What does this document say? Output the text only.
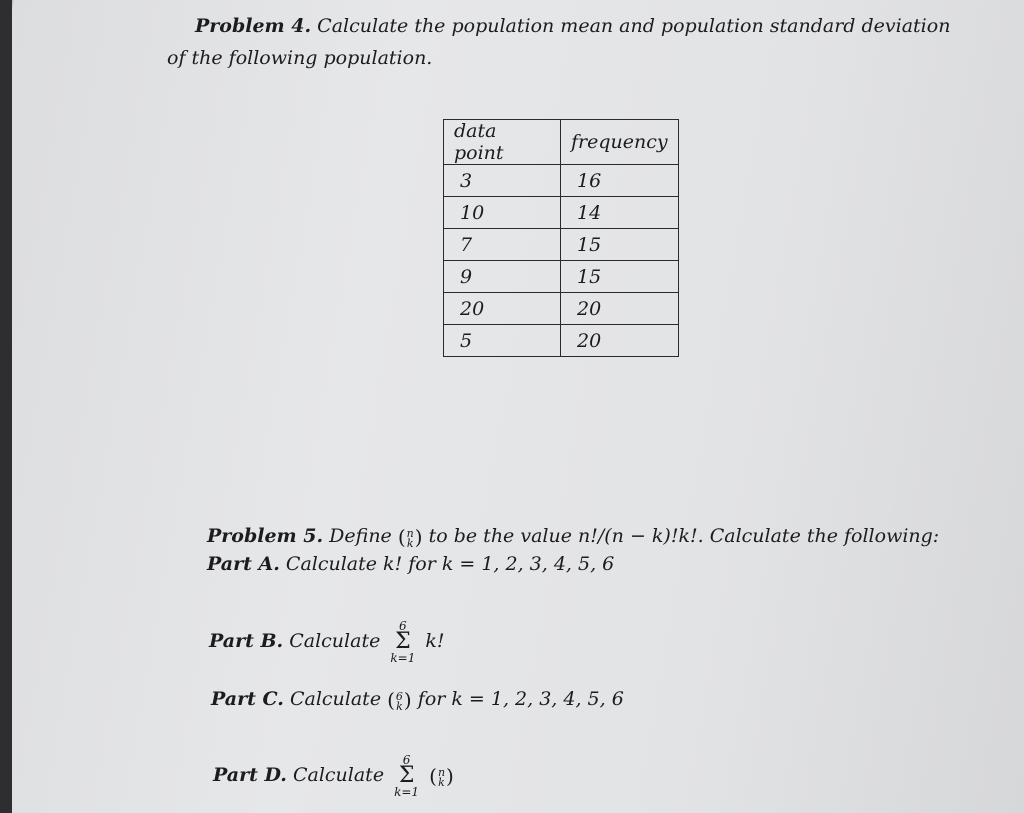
Problem 4. Calculate the population mean and population standard deviation
of the following population.
data point	frequency
3	16
10	14
7	15
9	15
20	20
5	20
Problem 5. Define ( n
k ) to be the value n!/(n − k)!k!. Calculate the following:
Part A. Calculate k! for k = 1, 2, 3, 4, 5, 6
Part B. Calculate
6
Σ
k=1
k!
Part C. Calculate ( 6
k ) for k = 1, 2, 3, 4, 5, 6
Part D. Calculate
6
Σ
k=1
( n
k )
